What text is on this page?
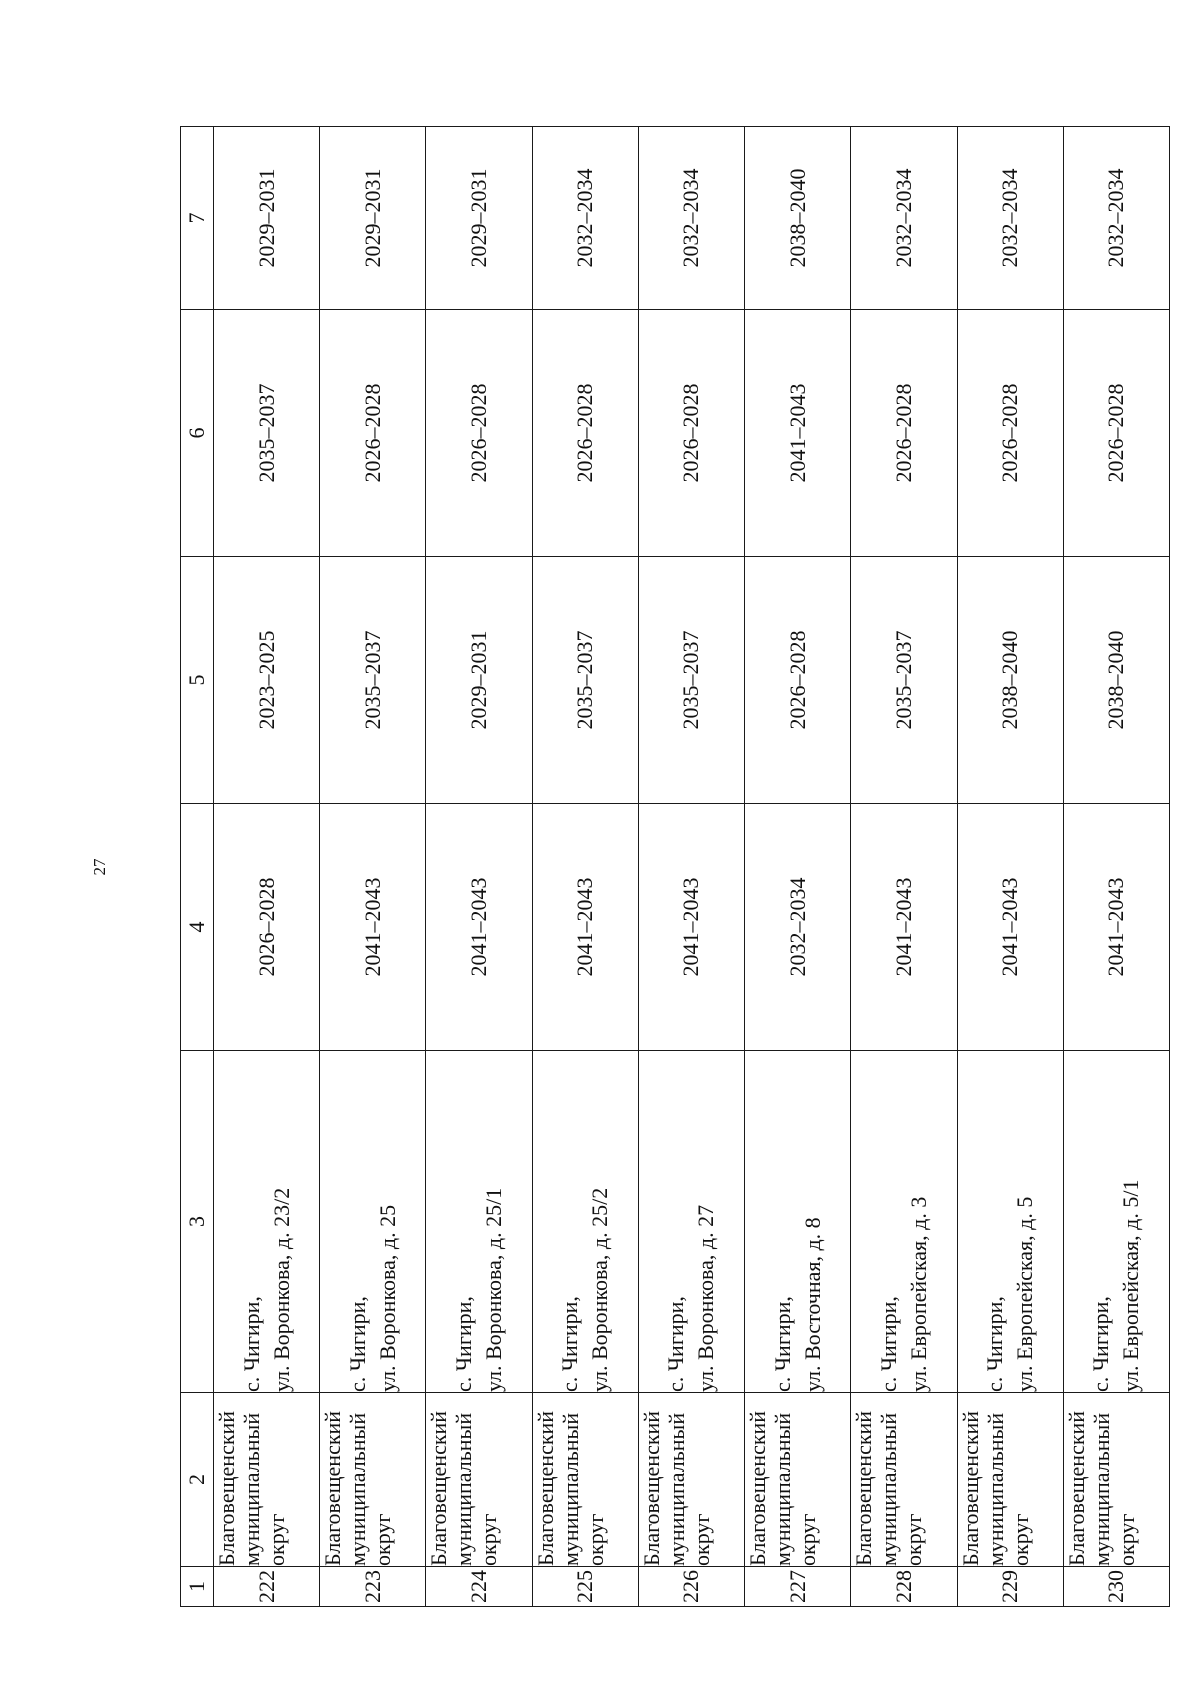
27
1	2	3	4	5	6	7
222	Благовещенский муниципальный округ	с. Чигири, ул. Воронкова, д. 23/2	2026–2028	2023–2025	2035–2037	2029–2031
223	Благовещенский муниципальный округ	с. Чигири, ул. Воронкова, д. 25	2041–2043	2035–2037	2026–2028	2029–2031
224	Благовещенский муниципальный округ	с. Чигири, ул. Воронкова, д. 25/1	2041–2043	2029–2031	2026–2028	2029–2031
225	Благовещенский муниципальный округ	с. Чигири, ул. Воронкова, д. 25/2	2041–2043	2035–2037	2026–2028	2032–2034
226	Благовещенский муниципальный округ	с. Чигири, ул. Воронкова, д. 27	2041–2043	2035–2037	2026–2028	2032–2034
227	Благовещенский муниципальный округ	с. Чигири, ул. Восточная, д. 8	2032–2034	2026–2028	2041–2043	2038–2040
228	Благовещенский муниципальный округ	с. Чигири, ул. Европейская, д. 3	2041–2043	2035–2037	2026–2028	2032–2034
229	Благовещенский муниципальный округ	с. Чигири, ул. Европейская, д. 5	2041–2043	2038–2040	2026–2028	2032–2034
230	Благовещенский муниципальный округ	с. Чигири, ул. Европейская, д. 5/1	2041–2043	2038–2040	2026–2028	2032–2034
